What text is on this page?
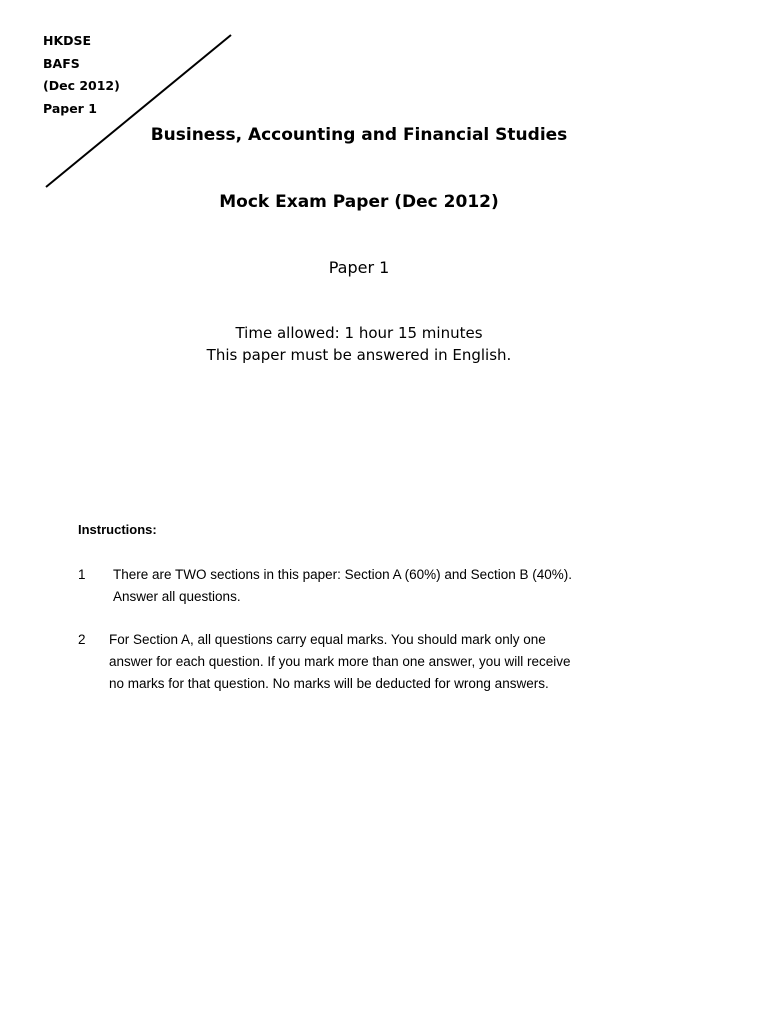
HKDSE
BAFS
(Dec 2012)
Paper 1
Business, Accounting and Financial Studies
Mock Exam Paper (Dec 2012)
Paper 1
Time allowed: 1 hour 15 minutes
This paper must be answered in English.
Instructions:
1 There are TWO sections in this paper: Section A (60%) and Section B (40%).
Answer all questions.
2 For Section A, all questions carry equal marks. You should mark only one
answer for each question. If you mark more than one answer, you will receive
no marks for that question. No marks will be deducted for wrong answers.
